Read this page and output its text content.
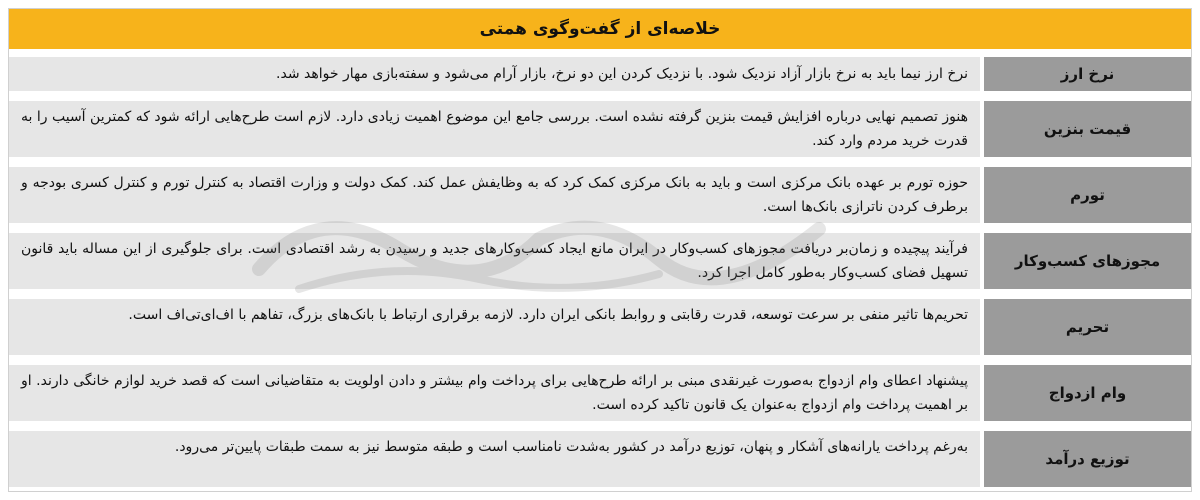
خلاصه‌ای از گفت‌وگوی همتی
نرخ ارز
نرخ ارز نیما باید به نرخ بازار آزاد نزدیک شود. با نزدیک کردن این دو نرخ، بازار آرام می‌شود و سفته‌بازی مهار خواهد شد.
قیمت بنزین
هنوز تصمیم نهایی درباره افزایش قیمت بنزین گرفته نشده است. بررسی جامع این موضوع اهمیت زیادی دارد. لازم است طرح‌هایی ارائه شود که کمترین آسیب را به قدرت خرید مردم وارد کند.
تورم
حوزه تورم بر عهده بانک مرکزی است و باید به بانک مرکزی کمک کرد که به وظایفش عمل کند. کمک دولت و وزارت اقتصاد به کنترل تورم و کنترل کسری بودجه و برطرف کردن ناترازی بانک‌ها است.
مجوزهای کسب‌وکار
فرآیند پیچیده و زمان‌بر دریافت مجوزهای کسب‌وکار در ایران مانع ایجاد کسب‌وکارهای جدید و رسیدن به رشد اقتصادی است. برای جلوگیری از این مساله باید قانون تسهیل فضای کسب‌وکار به‌طور کامل اجرا کرد.
تحریم
تحریم‌ها تاثیر منفی بر سرعت توسعه، قدرت رقابتی و روابط بانکی ایران دارد. لازمه برقراری ارتباط با بانک‌های بزرگ، تفاهم با اف‌ای‌تی‌اف است.
وام ازدواج
پیشنهاد اعطای وام ازدواج به‌صورت غیرنقدی مبنی بر ارائه طرح‌هایی برای پرداخت وام بیشتر و دادن اولویت به متقاضیانی است که قصد خرید لوازم خانگی دارند. او بر اهمیت پرداخت وام ازدواج به‌عنوان یک قانون تاکید کرده است.
توزیع درآمد
به‌رغم پرداخت یارانه‌های آشکار و پنهان، توزیع درآمد در کشور به‌شدت نامناسب است و طبقه متوسط نیز به سمت طبقات پایین‌تر می‌رود.
